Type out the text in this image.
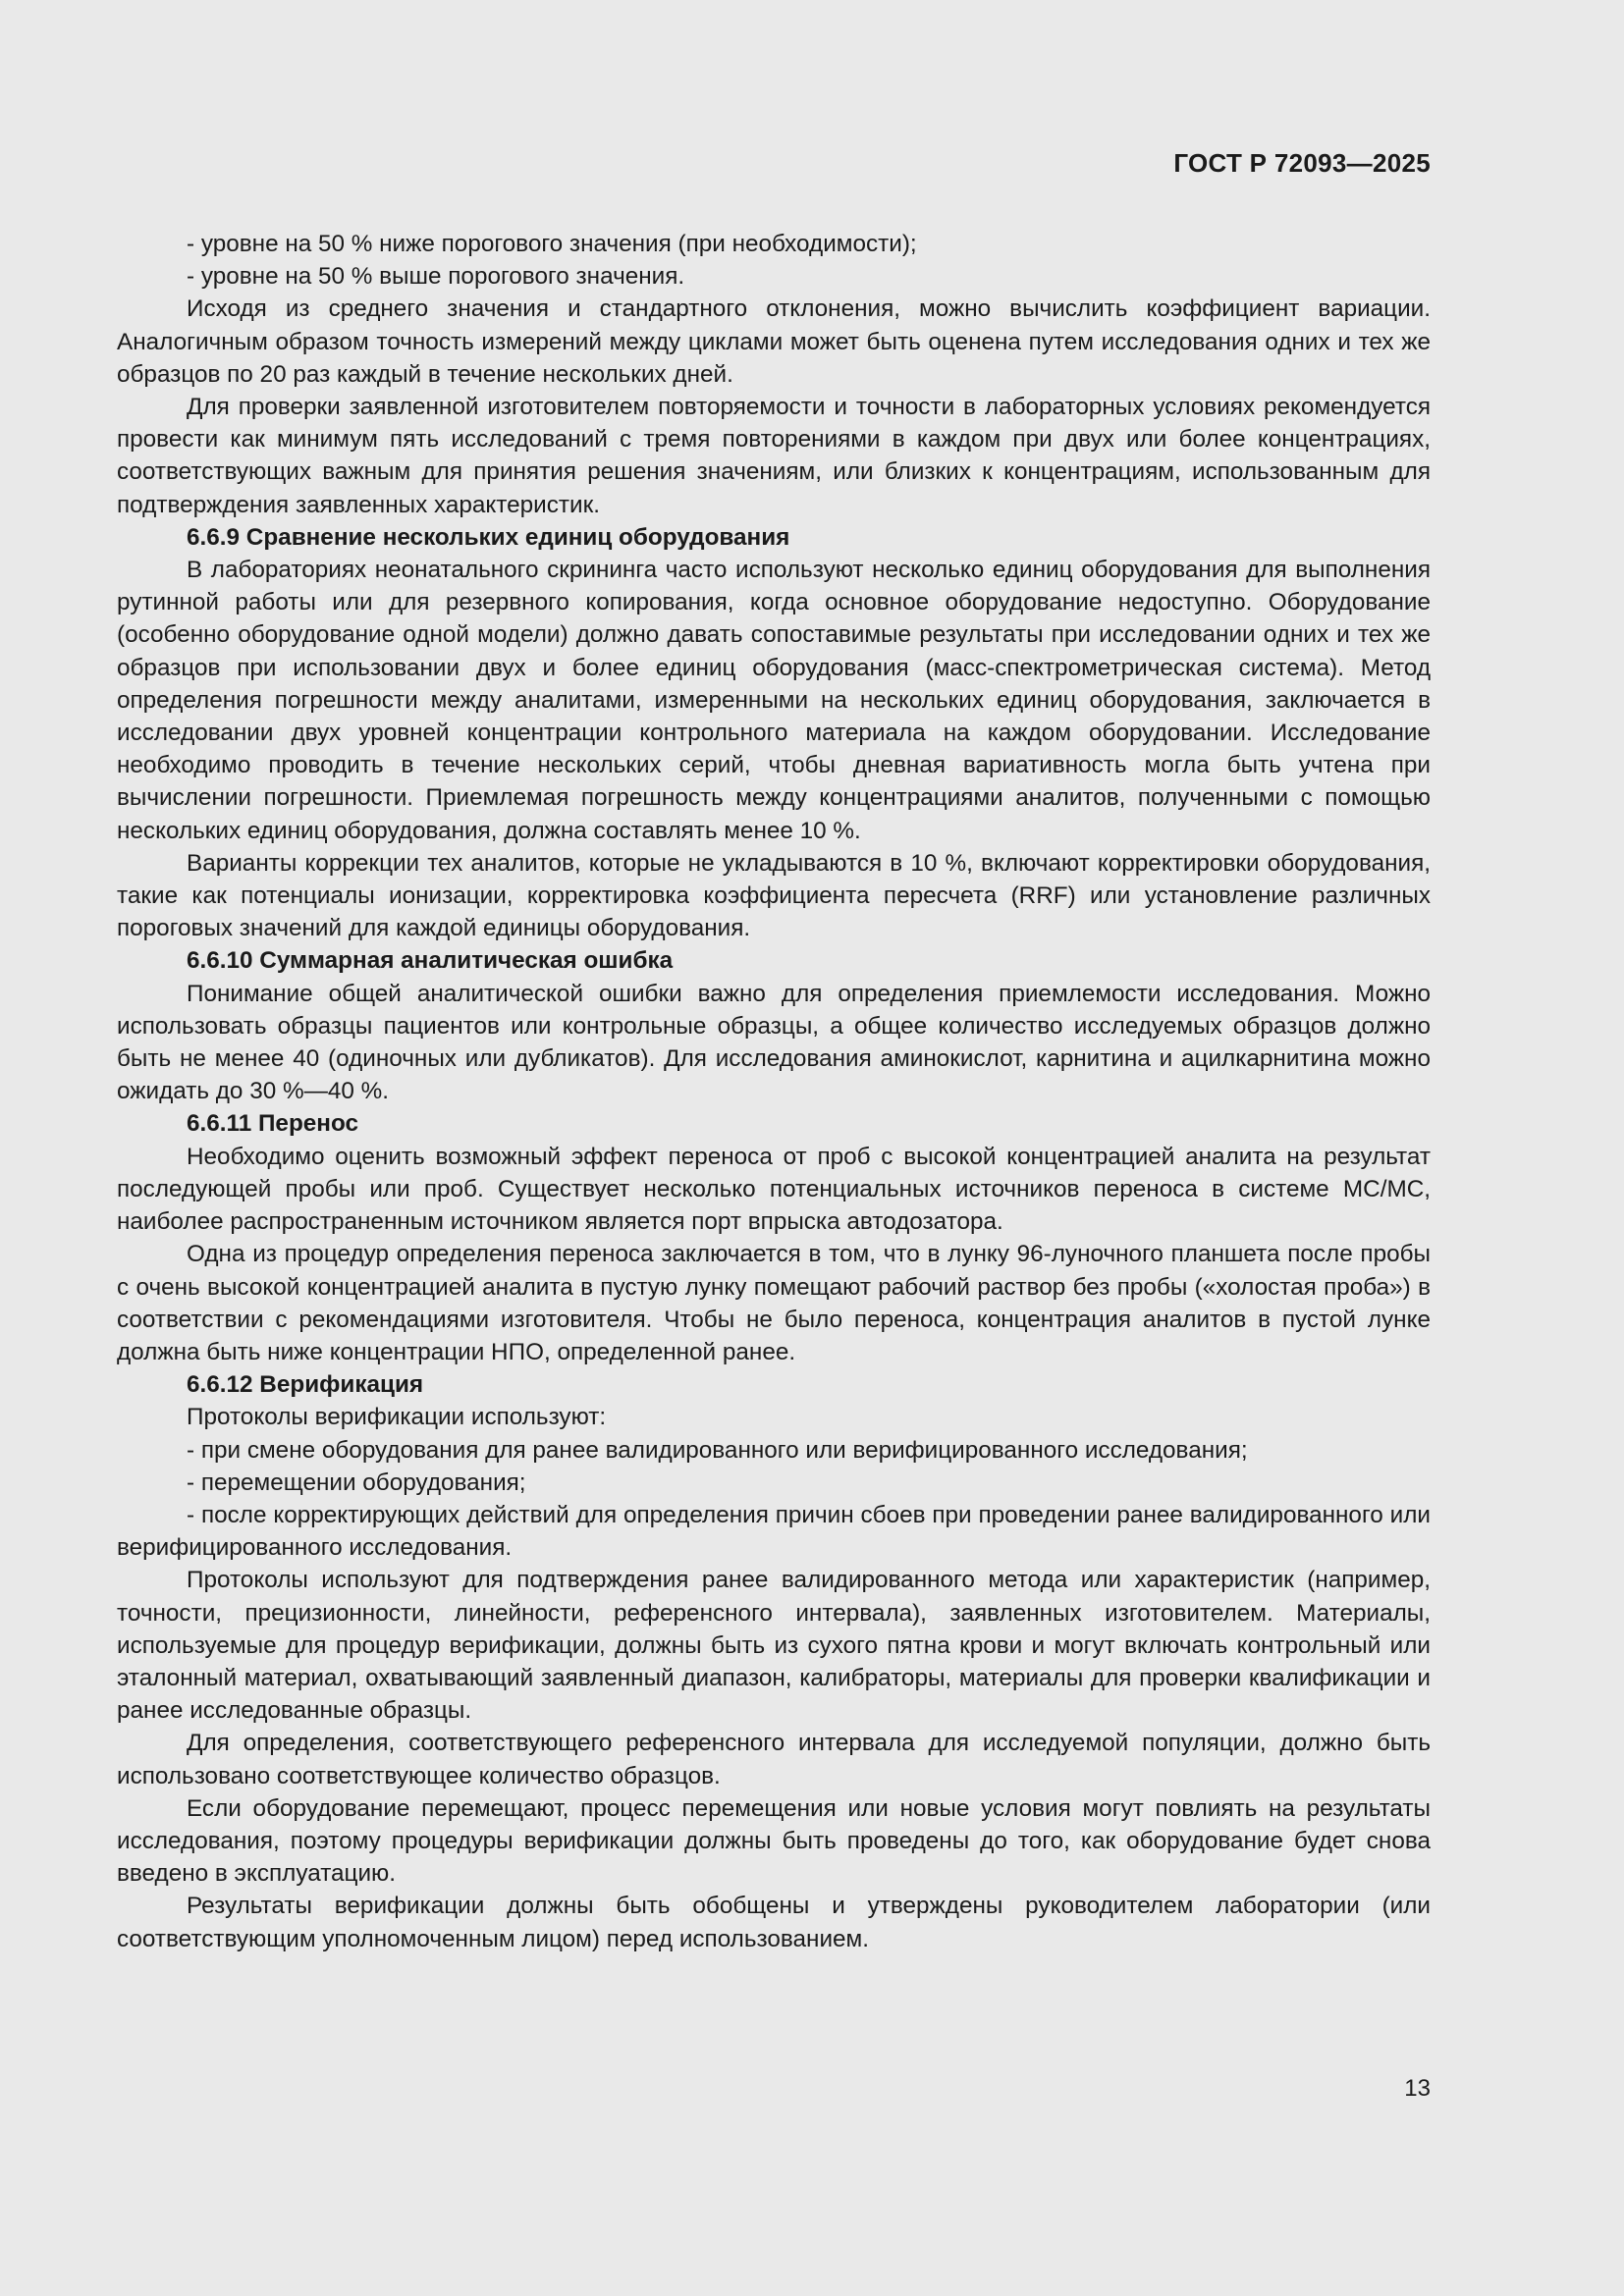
ГОСТ Р 72093—2025

- уровне на 50 % ниже порогового значения (при необходимости);

- уровне на 50 % выше порогового значения.

Исходя из среднего значения и стандартного отклонения, можно вычислить коэффициент вариации. Аналогичным образом точность измерений между циклами может быть оценена путем исследования одних и тех же образцов по 20 раз каждый в течение нескольких дней.

Для проверки заявленной изготовителем повторяемости и точности в лабораторных условиях рекомендуется провести как минимум пять исследований с тремя повторениями в каждом при двух или более концентрациях, соответствующих важным для принятия решения значениям, или близких к концентрациям, использованным для подтверждения заявленных характеристик.

6.6.9 Сравнение нескольких единиц оборудования

В лабораториях неонатального скрининга часто используют несколько единиц оборудования для выполнения рутинной работы или для резервного копирования, когда основное оборудование недоступно. Оборудование (особенно оборудование одной модели) должно давать сопоставимые результаты при исследовании одних и тех же образцов при использовании двух и более единиц оборудования (масс-спектрометрическая система). Метод определения погрешности между аналитами, измеренными на нескольких единиц оборудования, заключается в исследовании двух уровней концентрации контрольного материала на каждом оборудовании. Исследование необходимо проводить в течение нескольких серий, чтобы дневная вариативность могла быть учтена при вычислении погрешности. Приемлемая погрешность между концентрациями аналитов, полученными с помощью нескольких единиц оборудования, должна составлять менее 10 %.

Варианты коррекции тех аналитов, которые не укладываются в 10 %, включают корректировки оборудования, такие как потенциалы ионизации, корректировка коэффициента пересчета (RRF) или установление различных пороговых значений для каждой единицы оборудования.

6.6.10 Суммарная аналитическая ошибка

Понимание общей аналитической ошибки важно для определения приемлемости исследования. Можно использовать образцы пациентов или контрольные образцы, а общее количество исследуемых образцов должно быть не менее 40 (одиночных или дубликатов). Для исследования аминокислот, карнитина и ацилкарнитина можно ожидать до 30 %—40 %.

6.6.11 Перенос

Необходимо оценить возможный эффект переноса от проб с высокой концентрацией аналита на результат последующей пробы или проб. Существует несколько потенциальных источников переноса в системе МС/МС, наиболее распространенным источником является порт впрыска автодозатора.

Одна из процедур определения переноса заключается в том, что в лунку 96-луночного планшета после пробы с очень высокой концентрацией аналита в пустую лунку помещают рабочий раствор без пробы («холостая проба») в соответствии с рекомендациями изготовителя. Чтобы не было переноса, концентрация аналитов в пустой лунке должна быть ниже концентрации НПО, определенной ранее.

6.6.12 Верификация

Протоколы верификации используют:

- при смене оборудования для ранее валидированного или верифицированного исследования;

- перемещении оборудования;

- после корректирующих действий для определения причин сбоев при проведении ранее валидированного или верифицированного исследования.

Протоколы используют для подтверждения ранее валидированного метода или характеристик (например, точности, прецизионности, линейности, референсного интервала), заявленных изготовителем. Материалы, используемые для процедур верификации, должны быть из сухого пятна крови и могут включать контрольный или эталонный материал, охватывающий заявленный диапазон, калибраторы, материалы для проверки квалификации и ранее исследованные образцы.

Для определения, соответствующего референсного интервала для исследуемой популяции, должно быть использовано соответствующее количество образцов.

Если оборудование перемещают, процесс перемещения или новые условия могут повлиять на результаты исследования, поэтому процедуры верификации должны быть проведены до того, как оборудование будет снова введено в эксплуатацию.

Результаты верификации должны быть обобщены и утверждены руководителем лаборатории (или соответствующим уполномоченным лицом) перед использованием.

13
